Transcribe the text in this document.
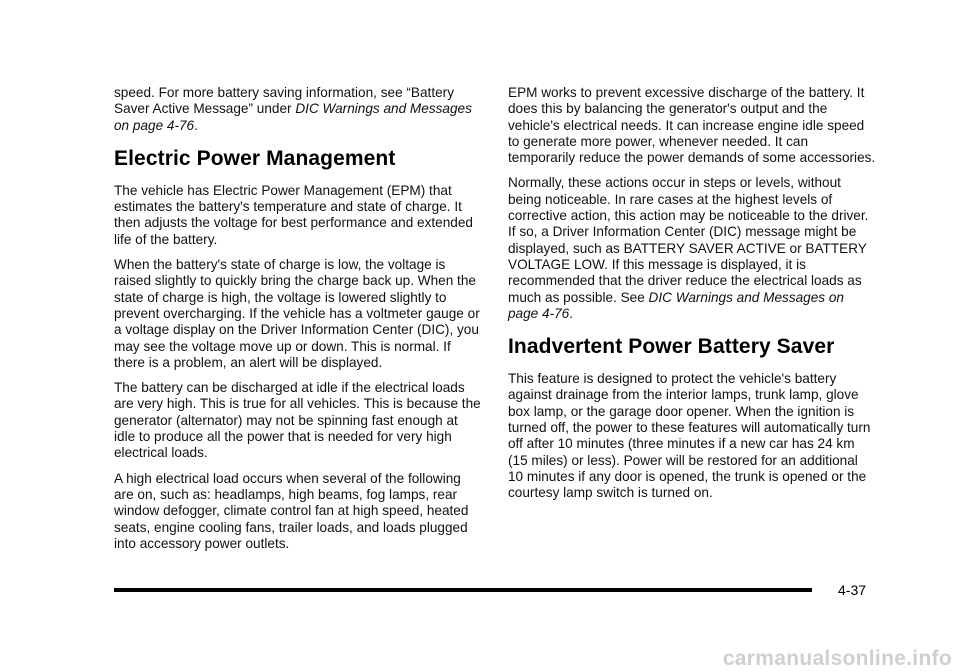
speed. For more battery saving information, see “Battery Saver Active Message” under DIC Warnings and Messages on page 4-76.

Electric Power Management

The vehicle has Electric Power Management (EPM) that estimates the battery's temperature and state of charge. It then adjusts the voltage for best performance and extended life of the battery.

When the battery's state of charge is low, the voltage is raised slightly to quickly bring the charge back up. When the state of charge is high, the voltage is lowered slightly to prevent overcharging. If the vehicle has a voltmeter gauge or a voltage display on the Driver Information Center (DIC), you may see the voltage move up or down. This is normal. If there is a problem, an alert will be displayed.

The battery can be discharged at idle if the electrical loads are very high. This is true for all vehicles. This is because the generator (alternator) may not be spinning fast enough at idle to produce all the power that is needed for very high electrical loads.

A high electrical load occurs when several of the following are on, such as: headlamps, high beams, fog lamps, rear window defogger, climate control fan at high speed, heated seats, engine cooling fans, trailer loads, and loads plugged into accessory power outlets.

EPM works to prevent excessive discharge of the battery. It does this by balancing the generator's output and the vehicle's electrical needs. It can increase engine idle speed to generate more power, whenever needed. It can temporarily reduce the power demands of some accessories.

Normally, these actions occur in steps or levels, without being noticeable. In rare cases at the highest levels of corrective action, this action may be noticeable to the driver. If so, a Driver Information Center (DIC) message might be displayed, such as BATTERY SAVER ACTIVE or BATTERY VOLTAGE LOW. If this message is displayed, it is recommended that the driver reduce the electrical loads as much as possible. See DIC Warnings and Messages on page 4-76.

Inadvertent Power Battery Saver

This feature is designed to protect the vehicle's battery against drainage from the interior lamps, trunk lamp, glove box lamp, or the garage door opener. When the ignition is turned off, the power to these features will automatically turn off after 10 minutes (three minutes if a new car has 24 km (15 miles) or less). Power will be restored for an additional 10 minutes if any door is opened, the trunk is opened or the courtesy lamp switch is turned on.

4-37
carmanualsonline.info
